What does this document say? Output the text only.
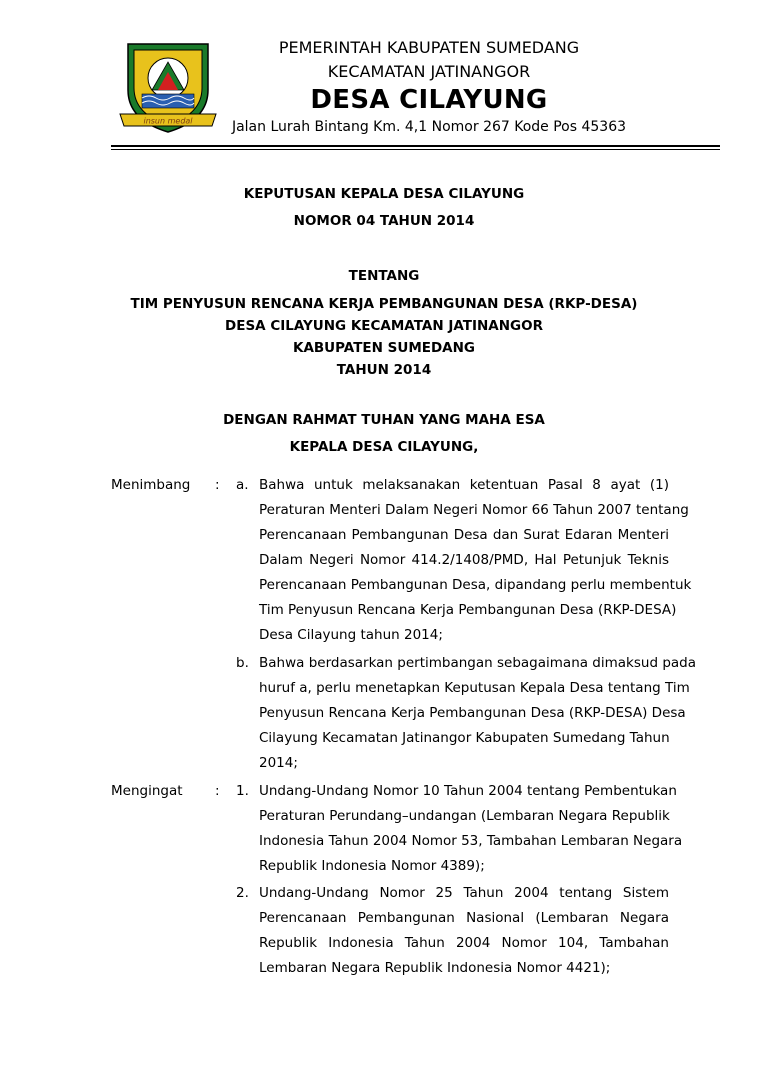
insun medal
PEMERINTAH KABUPATEN SUMEDANG
KECAMATAN JATINANGOR
DESA CILAYUNG
Jalan Lurah Bintang Km. 4,1 Nomor 267 Kode Pos 45363
KEPUTUSAN KEPALA DESA CILAYUNG
NOMOR 04 TAHUN 2014
TENTANG
TIM PENYUSUN RENCANA KERJA PEMBANGUNAN DESA (RKP-DESA)
DESA CILAYUNG KECAMATAN JATINANGOR
KABUPATEN SUMEDANG
TAHUN 2014
DENGAN RAHMAT TUHAN YANG MAHA ESA
KEPALA DESA CILAYUNG,
Menimbang : a. Bahwa untuk melaksanakan ketentuan Pasal 8 ayat (1)
Peraturan Menteri Dalam Negeri Nomor 66 Tahun 2007 tentang
Perencanaan Pembangunan Desa dan Surat Edaran Menteri
Dalam Negeri Nomor 414.2/1408/PMD, Hal Petunjuk Teknis
Perencanaan Pembangunan Desa, dipandang perlu membentuk
Tim Penyusun Rencana Kerja Pembangunan Desa (RKP-DESA)
Desa Cilayung tahun 2014;
b. Bahwa berdasarkan pertimbangan sebagaimana dimaksud pada
huruf a, perlu menetapkan Keputusan Kepala Desa tentang Tim
Penyusun Rencana Kerja Pembangunan Desa (RKP-DESA) Desa
Cilayung Kecamatan Jatinangor Kabupaten Sumedang Tahun
2014;
Mengingat : 1. Undang-Undang Nomor 10 Tahun 2004 tentang Pembentukan
Peraturan Perundang–undangan (Lembaran Negara Republik
Indonesia Tahun 2004 Nomor 53, Tambahan Lembaran Negara
Republik Indonesia Nomor 4389);
2. Undang-Undang Nomor 25 Tahun 2004 tentang Sistem
Perencanaan Pembangunan Nasional (Lembaran Negara
Republik Indonesia Tahun 2004 Nomor 104, Tambahan
Lembaran Negara Republik Indonesia Nomor 4421);
